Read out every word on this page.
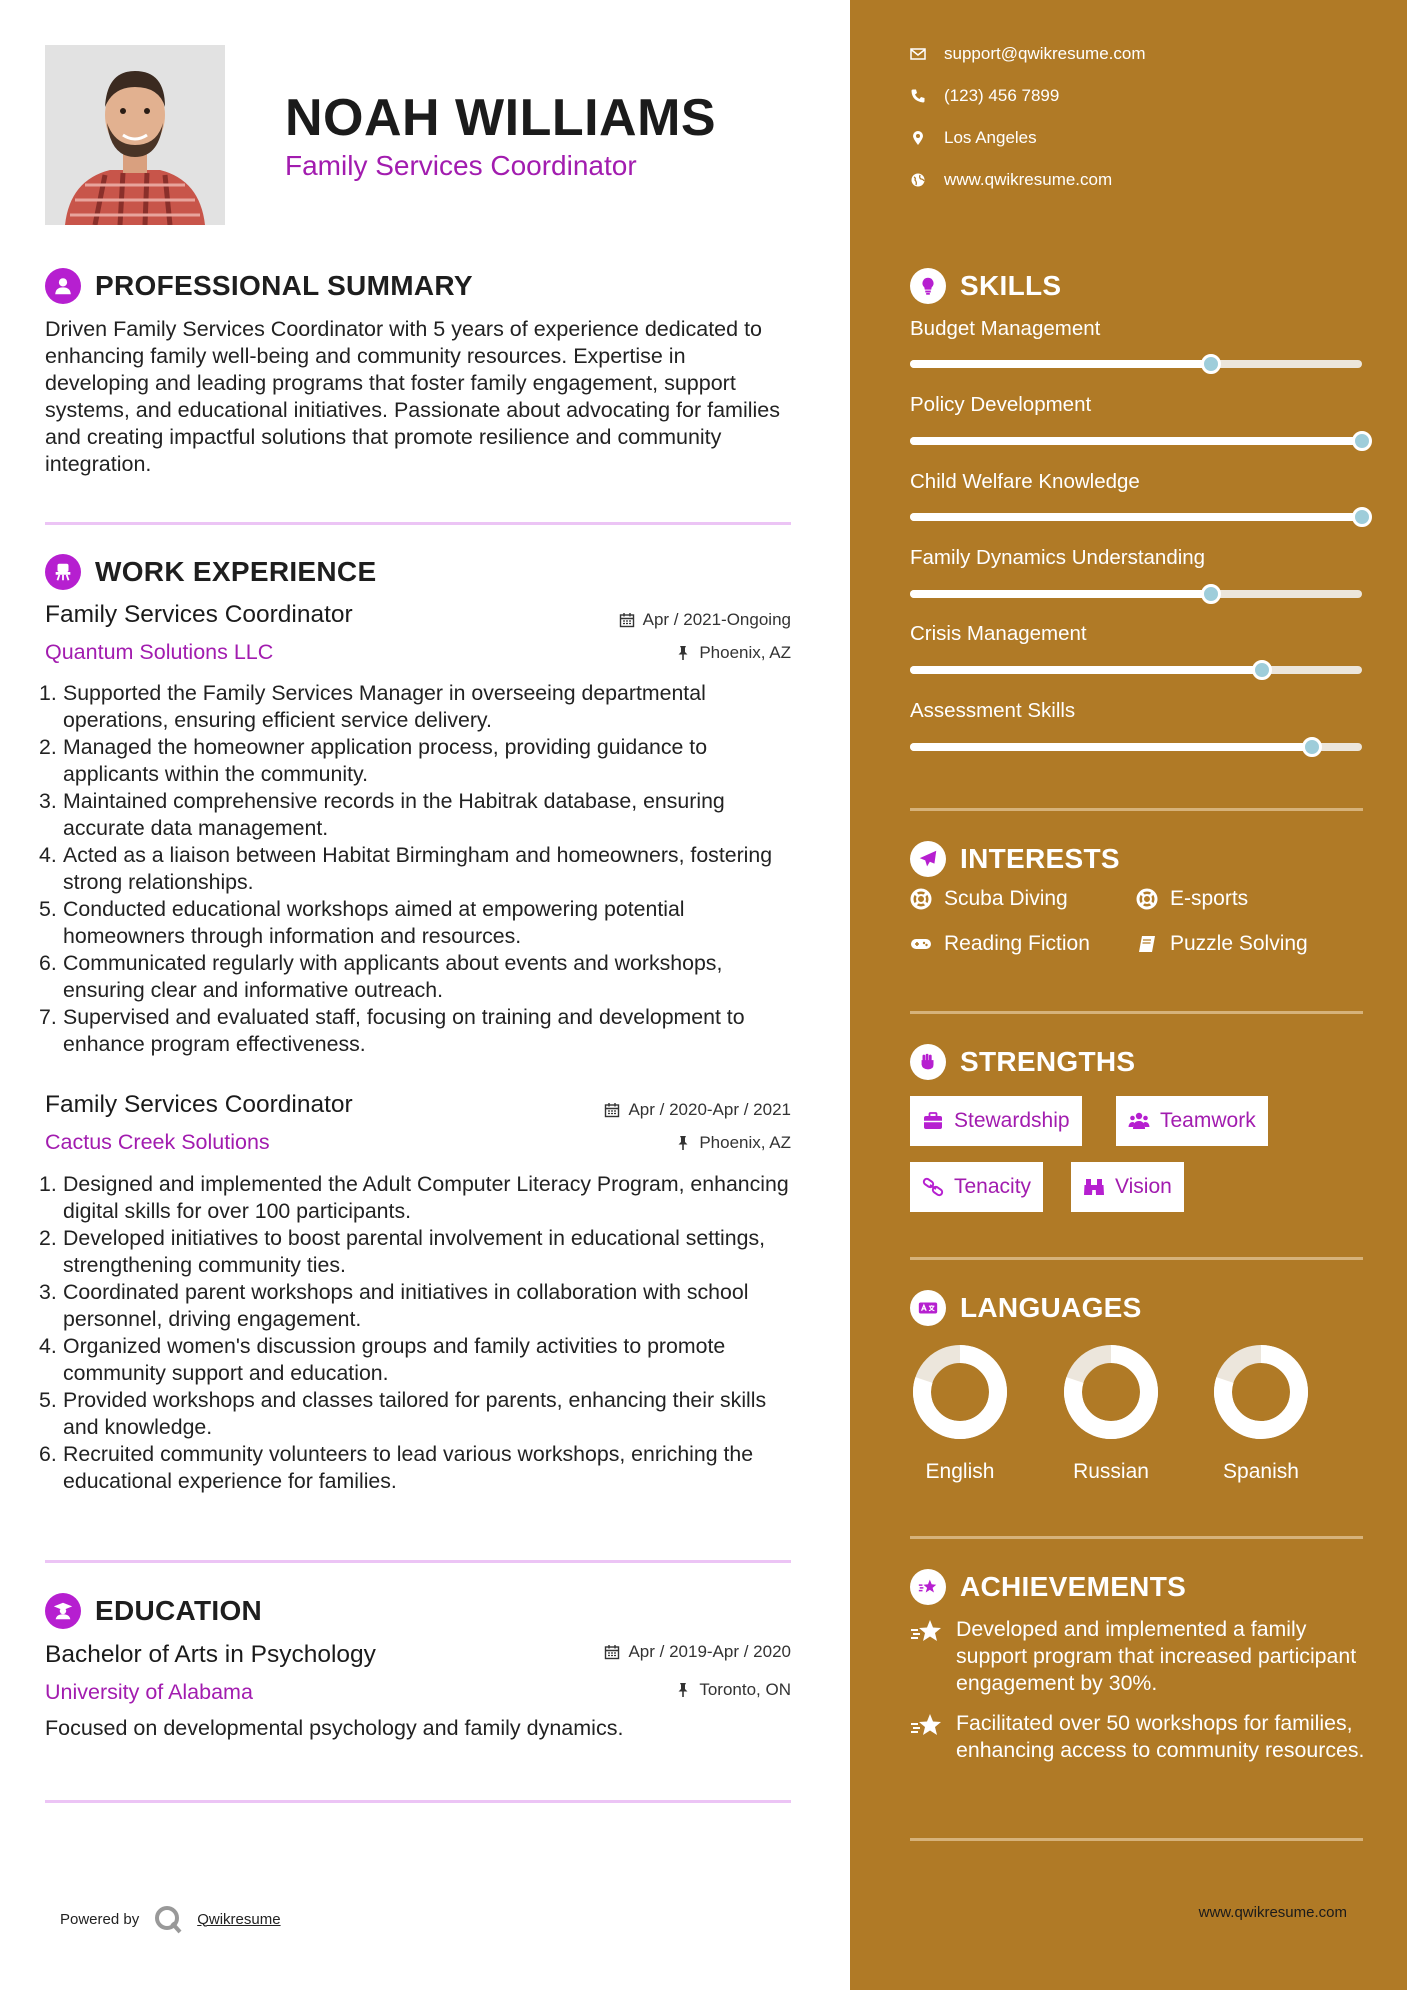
NOAH WILLIAMS
Family Services Coordinator
PROFESSIONAL SUMMARY
Driven Family Services Coordinator with 5 years of experience dedicated to enhancing family well-being and community resources. Expertise in developing and leading programs that foster family engagement, support systems, and educational initiatives. Passionate about advocating for families and creating impactful solutions that promote resilience and community integration.
WORK EXPERIENCE
Family Services Coordinator	Apr / 2021-Ongoing
Quantum Solutions LLC	Phoenix, AZ
1. Supported the Family Services Manager in overseeing departmental operations, ensuring efficient service delivery.
2. Managed the homeowner application process, providing guidance to applicants within the community.
3. Maintained comprehensive records in the Habitrak database, ensuring accurate data management.
4. Acted as a liaison between Habitat Birmingham and homeowners, fostering strong relationships.
5. Conducted educational workshops aimed at empowering potential homeowners through information and resources.
6. Communicated regularly with applicants about events and workshops, ensuring clear and informative outreach.
7. Supervised and evaluated staff, focusing on training and development to enhance program effectiveness.
Family Services Coordinator	Apr / 2020-Apr / 2021
Cactus Creek Solutions	Phoenix, AZ
1. Designed and implemented the Adult Computer Literacy Program, enhancing digital skills for over 100 participants.
2. Developed initiatives to boost parental involvement in educational settings, strengthening community ties.
3. Coordinated parent workshops and initiatives in collaboration with school personnel, driving engagement.
4. Organized women's discussion groups and family activities to promote community support and education.
5. Provided workshops and classes tailored for parents, enhancing their skills and knowledge.
6. Recruited community volunteers to lead various workshops, enriching the educational experience for families.
EDUCATION
Bachelor of Arts in Psychology	Apr / 2019-Apr / 2020
University of Alabama	Toronto, ON
Focused on developmental psychology and family dynamics.
Powered by	Qwikresume
support@qwikresume.com
(123) 456 7899
Los Angeles
www.qwikresume.com
SKILLS
Budget Management
Policy Development
Child Welfare Knowledge
Family Dynamics Understanding
Crisis Management
Assessment Skills
INTERESTS
Scuba Diving	E-sports
Reading Fiction	Puzzle Solving
STRENGTHS
Stewardship	Teamwork
Tenacity	Vision
LANGUAGES
English	Russian	Spanish
ACHIEVEMENTS
Developed and implemented a family support program that increased participant engagement by 30%.
Facilitated over 50 workshops for families, enhancing access to community resources.
www.qwikresume.com
